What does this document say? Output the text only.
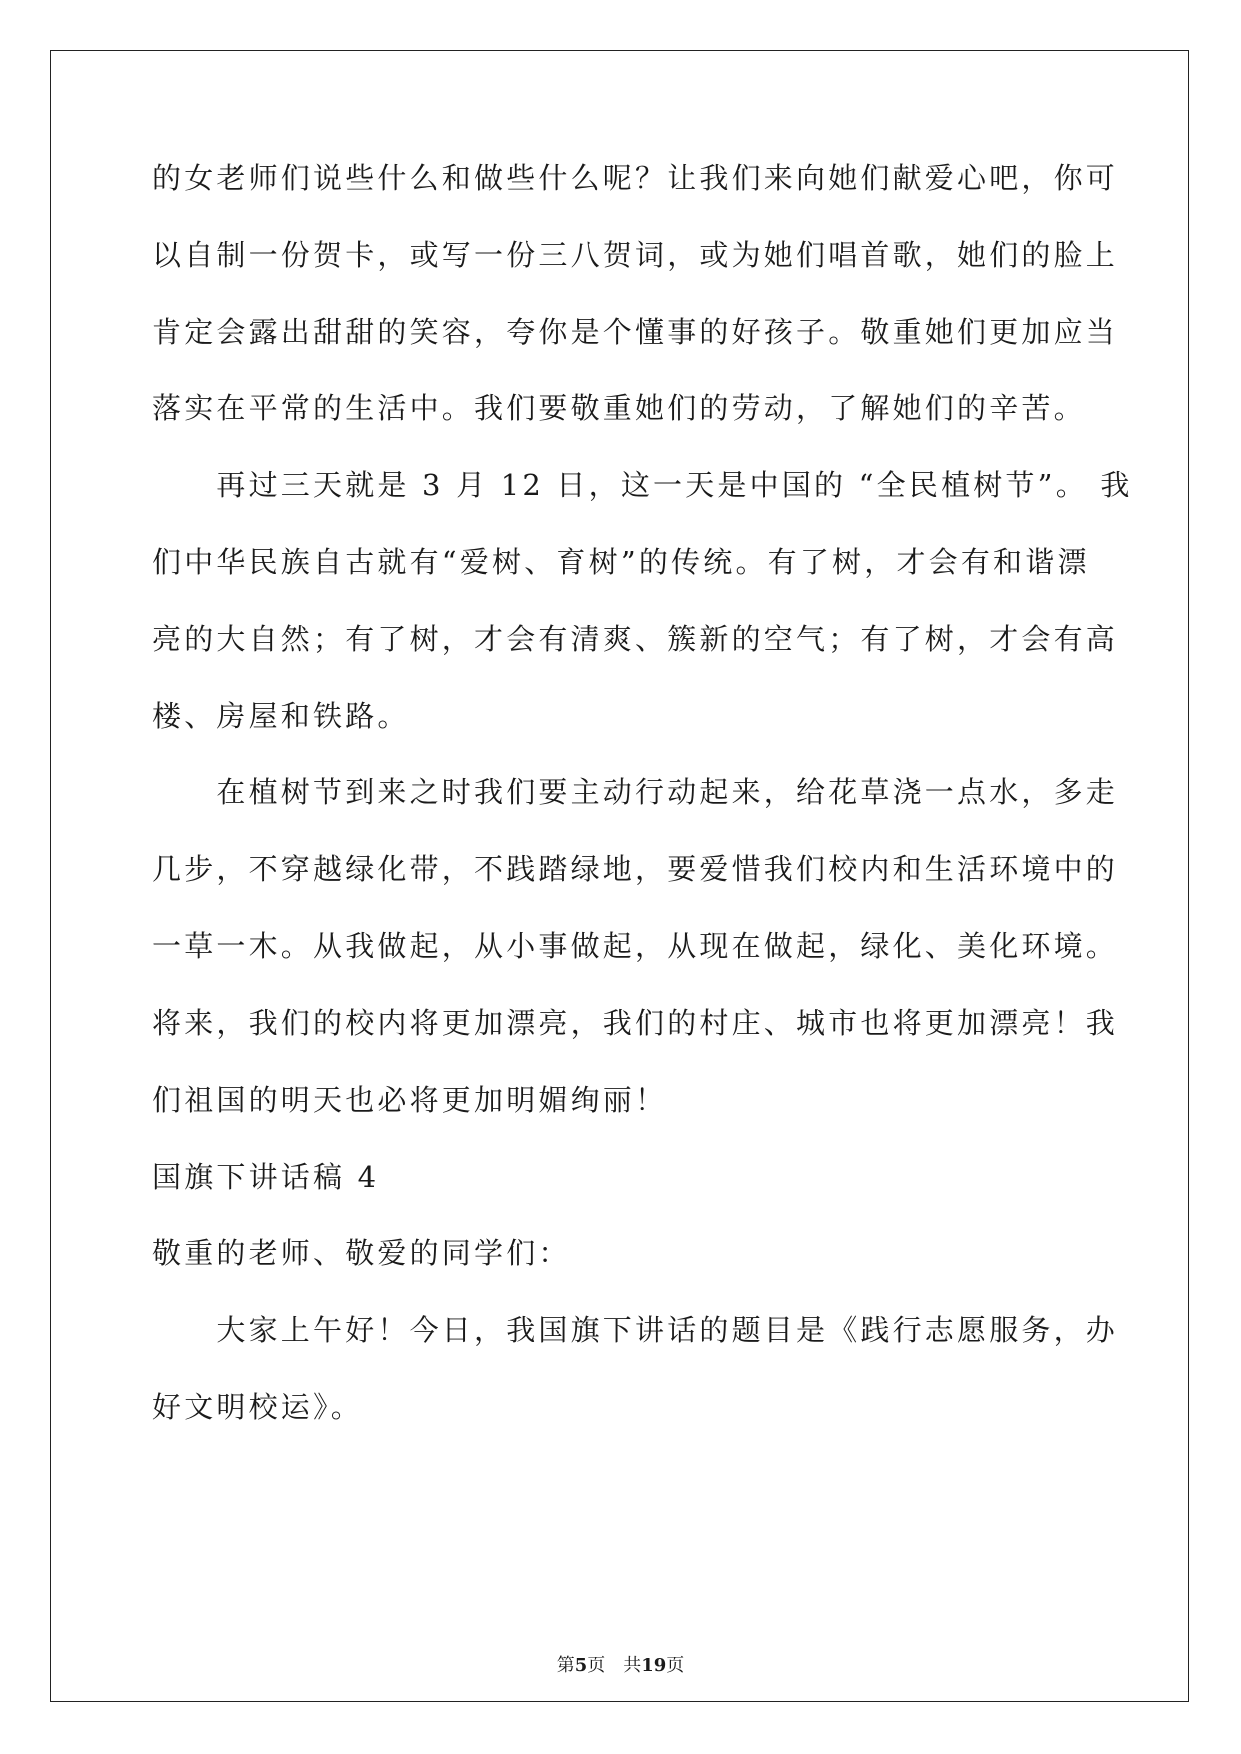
的女老师们说些什么和做些什么呢？让我们来向她们献爱心吧，你可
以自制一份贺卡，或写一份三八贺词，或为她们唱首歌，她们的脸上
肯定会露出甜甜的笑容，夸你是个懂事的好孩子。敬重她们更加应当
落实在平常的生活中。我们要敬重她们的劳动，了解她们的辛苦。
　　再过三天就是 3 月 12 日，这一天是中国的 “全民植树节”。 我
们中华民族自古就有“爱树、育树”的传统。有了树，才会有和谐漂
亮的大自然；有了树，才会有清爽、簇新的空气；有了树，才会有高
楼、房屋和铁路。
　　在植树节到来之时我们要主动行动起来，给花草浇一点水，多走
几步，不穿越绿化带，不践踏绿地，要爱惜我们校内和生活环境中的
一草一木。从我做起，从小事做起，从现在做起，绿化、美化环境。
将来，我们的校内将更加漂亮，我们的村庄、城市也将更加漂亮！我
们祖国的明天也必将更加明媚绚丽！
国旗下讲话稿 4
敬重的老师、敬爱的同学们：
　　大家上午好！今日，我国旗下讲话的题目是《践行志愿服务，办
好文明校运》。
第5页　共19页
